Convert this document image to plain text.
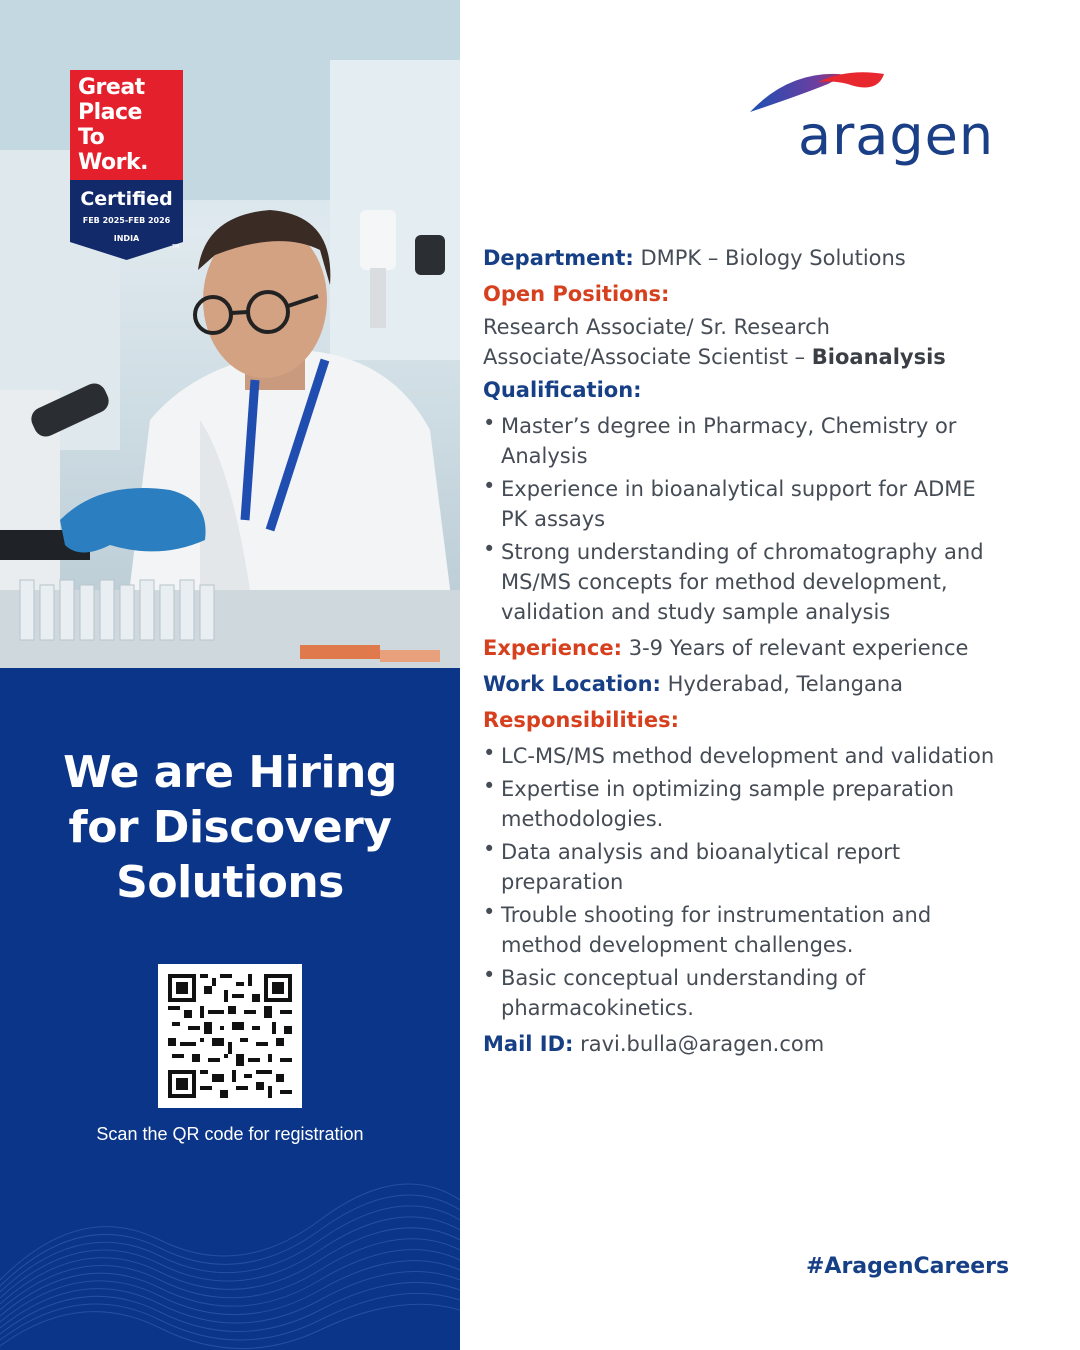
Great
Place
To
Work.
Certified
FEB 2025-FEB 2026
INDIA
TM
We are Hiring
for Discovery
Solutions
Scan the QR code for registration
aragen
Department: DMPK – Biology Solutions
Open Positions:
Research Associate/ Sr. Research
Associate/Associate Scientist – Bioanalysis
Qualification:
• Master’s degree in Pharmacy, Chemistry or
Analysis
• Experience in bioanalytical support for ADME
PK assays
• Strong understanding of chromatography and
MS/MS concepts for method development,
validation and study sample analysis
Experience: 3-9 Years of relevant experience
Work Location: Hyderabad, Telangana
Responsibilities:
• LC-MS/MS method development and validation
• Expertise in optimizing sample preparation
methodologies.
• Data analysis and bioanalytical report
preparation
• Trouble shooting for instrumentation and
method development challenges.
• Basic conceptual understanding of
pharmacokinetics.
Mail ID: ravi.bulla@aragen.com
#AragenCareers
